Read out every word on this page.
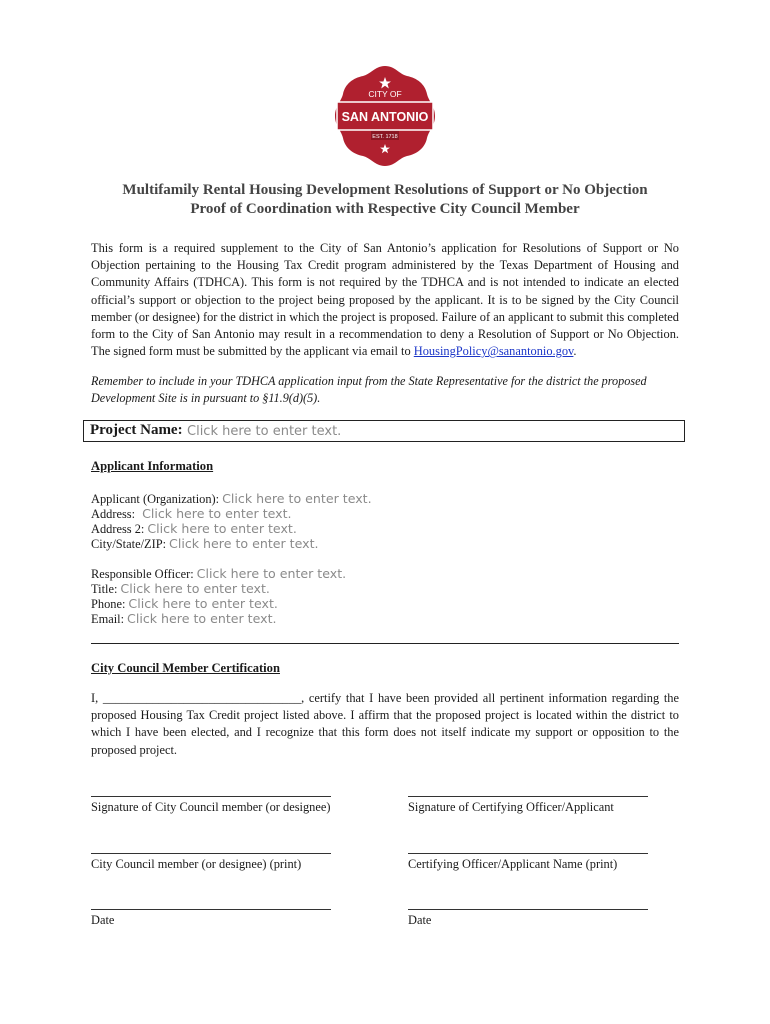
CITY OF
SAN ANTONIO
EST. 1718
Multifamily Rental Housing Development Resolutions of Support or No Objection
Proof of Coordination with Respective City Council Member
This form is a required supplement to the City of San Antonio’s application for Resolutions of Support or No Objection pertaining to the Housing Tax Credit program administered by the Texas Department of Housing and Community Affairs (TDHCA). This form is not required by the TDHCA and is not intended to indicate an elected official’s support or objection to the project being proposed by the applicant. It is to be signed by the City Council member (or designee) for the district in which the project is proposed. Failure of an applicant to submit this completed form to the City of San Antonio may result in a recommendation to deny a Resolution of Support or No Objection. The signed form must be submitted by the applicant via email to HousingPolicy@sanantonio.gov.
Remember to include in your TDHCA application input from the State Representative for the district the proposed Development Site is in pursuant to §11.9(d)(5).
Project Name: Click here to enter text.
Applicant Information
Applicant (Organization): Click here to enter text.
Address: Click here to enter text.
Address 2: Click here to enter text.
City/State/ZIP: Click here to enter text.
Responsible Officer: Click here to enter text.
Title: Click here to enter text.
Phone: Click here to enter text.
Email: Click here to enter text.
City Council Member Certification
I, ________________________________, certify that I have been provided all pertinent information regarding the proposed Housing Tax Credit project listed above. I affirm that the proposed project is located within the district to which I have been elected, and I recognize that this form does not itself indicate my support or opposition to the proposed project.
Signature of City Council member (or designee)	Signature of Certifying Officer/Applicant
City Council member (or designee) (print)	Certifying Officer/Applicant Name (print)
Date	Date
